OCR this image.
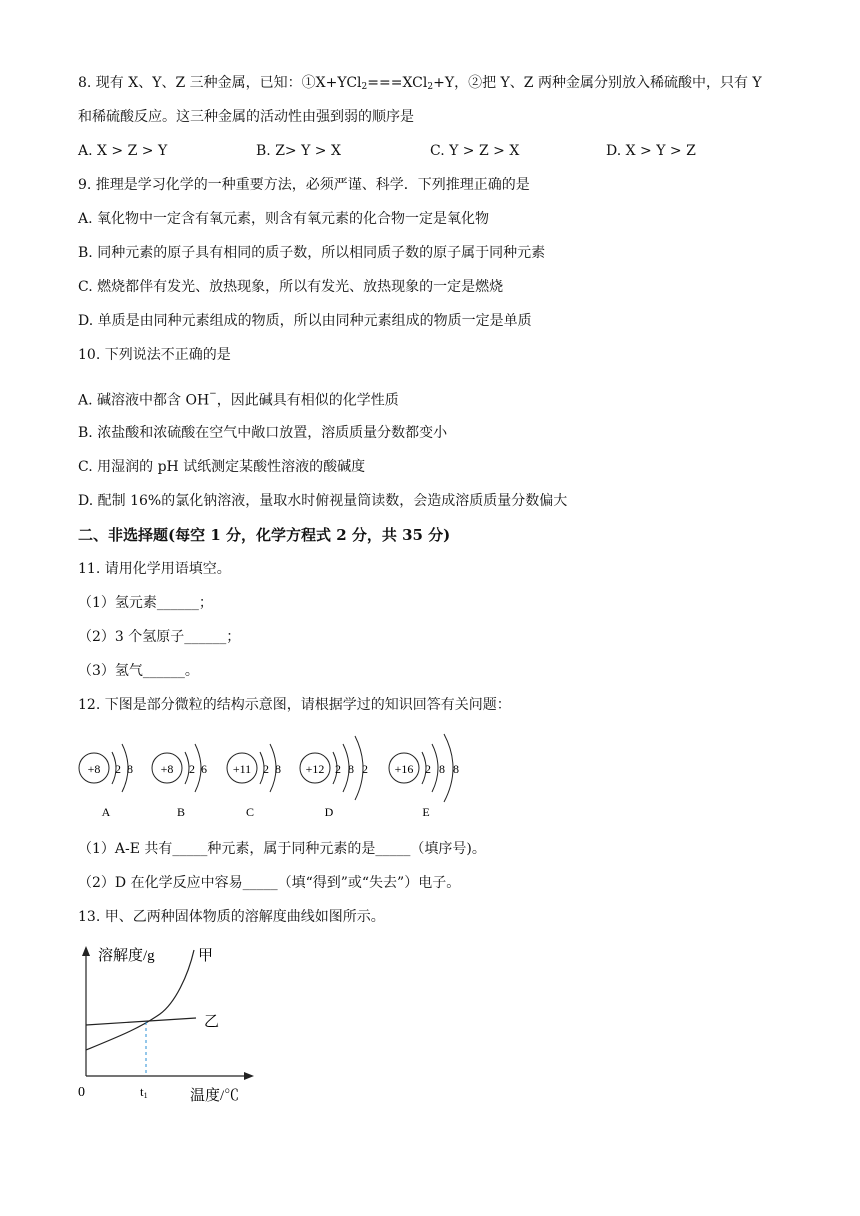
8. 现有 X、Y、Z 三种金属，已知：①X+YCl$_2$===XCl$_2$+Y，②把 Y、Z 两种金属分别放入稀硫酸中，只有 Y
和稀硫酸反应。这三种金属的活动性由强到弱的顺序是
A. X > Z > Y	B. Z> Y > X	C. Y > Z > X	D. X > Y > Z
9. 推理是学习化学的一种重要方法，必须严谨、科学．下列推理正确的是
A. 氧化物中一定含有氧元素，则含有氧元素的化合物一定是氧化物
B. 同种元素的原子具有相同的质子数，所以相同质子数的原子属于同种元素
C. 燃烧都伴有发光、放热现象，所以有发光、放热现象的一定是燃烧
D. 单质是由同种元素组成的物质，所以由同种元素组成的物质一定是单质
10. 下列说法不正确的是
A. 碱溶液中都含 OH−，因此碱具有相似的化学性质
B. 浓盐酸和浓硫酸在空气中敞口放置，溶质质量分数都变小
C. 用湿润的 pH 试纸测定某酸性溶液的酸碱度
D. 配制 16%的氯化钠溶液，量取水时俯视量筒读数，会造成溶质质量分数偏大
二、非选择题(每空 1 分，化学方程式 2 分，共 35 分)
11. 请用化学用语填空。
（1）氢元素______；
（2）3 个氢原子______；
（3）氢气______。
12. 下图是部分微粒的结构示意图，请根据学过的知识回答有关问题：
+8 2 8
A
+8 2 6
B
+11 2 8
C
+12 2 8 2
D
+16 2 8 8
E
（1）A-E 共有_____种元素，属于同种元素的是_____（填序号)。
（2）D 在化学反应中容易_____（填“得到”或“失去”）电子。
13. 甲、乙两种固体物质的溶解度曲线如图所示。
溶解度/g	甲
乙
0	t1	温度/℃
